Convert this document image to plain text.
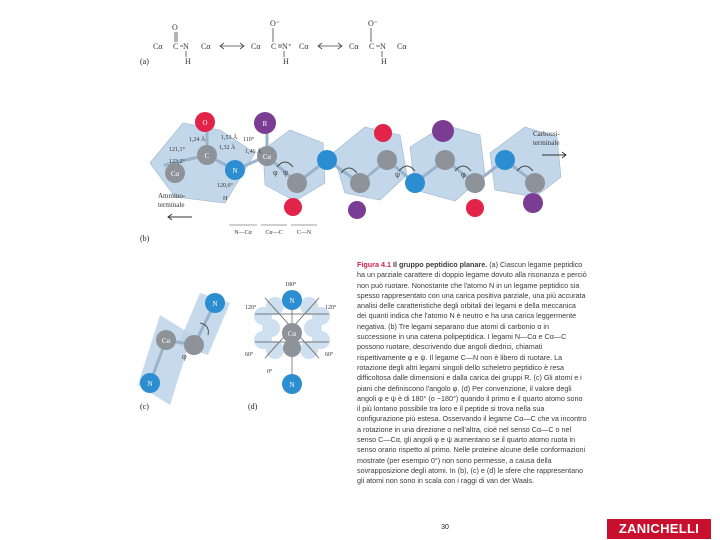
O
C N
H
Cα	Cα
O⁻
C N⁺
H
Cα	Cα
O⁻
C N
H
Cα	Cα
(a)
O	R
C
N
Cα
Cα
1,24 Å
1,32 Å
1,46 Å
1,53 Å
121,1°
123,2°
120,6°
110°
H
φ ψ	ψ	φ
N—Cα Cα—C C—N
Carbossi-terminale
Ammino-terminale
(b)
N
Cα
N
φ
(c)
N
Cα
N
180°
120°	120°
60°	60°
0°
(d)

Figura 4.1 Il gruppo peptidico planare. (a) Ciascun legame peptidico ha un parziale carattere di doppio legame dovuto alla risonanza e perciò non può ruotare. Nonostante che l'atomo N in un legame peptidico sia spesso rappresentato con una carica positiva parziale, una più accurata analisi delle caratteristiche degli orbitali dei legami e della meccanica dei quanti indica che l'atomo N è neutro e ha una carica leggermente negativa. (b) Tre legami separano due atomi di carbonio α in successione in una catena polipeptidica. I legami N—Cα e Cα—C possono ruotare, descrivendo due angoli diedrici, chiamati rispettivamente φ e ψ. Il legame C—N non è libero di ruotare. La rotazione degli altri legami singoli dello scheletro peptidico è resa difficoltosa dalle dimensioni e dalla carica dei gruppi R. (c) Gli atomi e i piani che definiscono l'angolo φ. (d) Per convenzione, il valore degli angoli φ e ψ è di 180° (o −180°) quando il primo e il quarto atomo sono il più lontano possibile tra loro e il peptide si trova nella sua configurazione più estesa. Osservando il legame Cα—C che va incontro a rotazione in una direzione o nell'altra, cioè nel senso Cα—C o nel senso C—Cα, gli angoli φ e ψ aumentano se il quarto atomo ruota in senso orario rispetto al primo. Nelle proteine alcune delle conformazioni mostrate (per esempio 0°) non sono permesse, a causa della sovrapposizione degli atomi. In (b), (c) e (d) le sfere che rappresentano gli atomi non sono in scala con i raggi di van der Waals.

30	ZANICHELLI
